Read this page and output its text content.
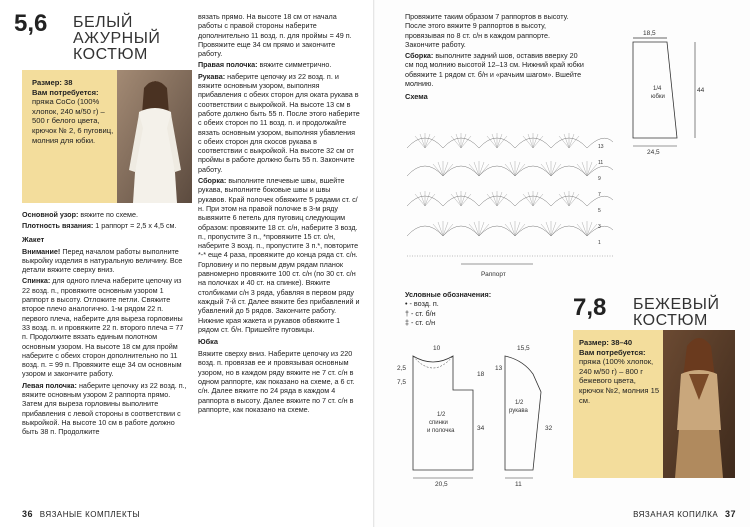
5,6 БЕЛЫЙ
АЖУРНЫЙ
КОСТЮМ
Размер: 38
Вам потребуется:
пряжа СоСо (100% хлопок, 240 м/50 г) – 500 г белого цвета, крючок № 2, 6 пуговиц, молния для юбки.

Основной узор: вяжите по схеме.

Плотность вязания: 1 раппорт = 2,5 х 4,5 см.

Жакет

Внимание! Перед началом работы выполните выкройку изделия в натуральную величину. Все детали вяжите сверху вниз.

Спинка: для одного плеча наберите цепочку из 22 возд. п., провяжите основным узором 1 раппорт в высоту. Отложите петли. Свяжите второе плечо аналогично. 1-м рядом 22 п. первого плеча, наберите для выреза горловины 33 возд. п. и провяжите 22 п. второго плеча = 77 п. Продолжите вязать единым полотном основным узором. На высоте 18 см для пройм наберите с обеих сторон дополнительно по 11 возд. п. = 99 п. Провяжите еще 34 см основным узором и закончите работу.

Левая полочка: наберите цепочку из 22 возд. п., вяжите основным узором 2 раппорта прямо. Затем для выреза горловины выполните прибавления с левой стороны в соответствии с выкройкой. На высоте 10 см в работе должно быть 38 п. Продолжите

вязать прямо. На высоте 18 см от начала работы с правой стороны наберите дополнительно 11 возд. п. для проймы = 49 п. Провяжите еще 34 см прямо и закончите работу.

Правая полочка: вяжите симметрично.

Рукава: наберите цепочку из 22 возд. п. и вяжите основным узором, выполняя прибавления с обеих сторон для оката рукава в соответствии с выкройкой. На высоте 13 см в работе должно быть 55 п. После этого наберите с обеих сторон по 11 возд. п. и продолжайте вязать основным узором, выполняя убавления с обеих сторон для скосов рукава в соответствии с выкройкой. На высоте 32 см от проймы в работе должно быть 55 п. Закончите работу.

Сборка: выполните плечевые швы, вшейте рукава, выполните боковые швы и швы рукавов. Край полочек обвяжите 5 рядами ст. с/н. При этом на правой полочке в 3-м ряду вывяжите 6 петель для пуговиц следующим образом: провяжите 18 ст. с/н, наберите 3 возд. п., пропустите 3 п., *провяжите 15 ст. с/н, наберите 3 возд. п., пропустите 3 п.*, повторите *-* еще 4 раза, провяжите до конца ряда ст. с/н. Горловину и по первым двум рядам планок равномерно провяжите 100 ст. с/н (по 30 ст. с/н на полочках и 40 ст. на спинке). Вяжите столбиками с/н 3 ряда, убавляя в первом ряду каждый 7-й ст. Далее вяжите без прибавлений и убавлений до 5 рядов. Закончите работу. Нижние края жакета и рукавов обвяжите 1 рядом ст. б/н. Пришейте пуговицы.

Юбка

Вяжите сверху вниз. Наберите цепочку из 220 возд. п. провязав ее и провязывая основным узором, но в каждом ряду вяжите не 7 ст. с/н в одном раппорте, как показано на схеме, а 6 ст. с/н. Далее вяжите по 24 ряда в каждом 4 раппорта в высоту. Далее вяжите по 7 ст. с/н в раппорте, как показано на схеме.

36 ВЯЗАНЫЕ КОМПЛЕКТЫ

Провяжите таким образом 7 раппортов в высоту. После этого вяжите 9 раппортов в высоту, провязывая по 8 ст. с/н в каждом раппорте. Закончите работу.

Сборка: выполните задний шов, оставив вверху 20 см под молнию высотой 12–13 см. Нижний край юбки обвяжите 1 рядом ст. б/н и «рачьим шагом». Вшейте молнию.

Схема
18,5
44
1/4
юбки
24,5
13
11
9
7
5
3
1
Раппорт
Условные обозначения:
• - возд. п.
† - ст. б/н
‡ - ст. с/н
7,8 БЕЖЕВЫЙ
КОСТЮМ
10
2,5
7,5
18
34
1/2
спинки
и полочка
20,5
15,5
13
32
1/2
рукава
11
Размер: 38–40
Вам потребуется:
пряжа (100% хлопок, 240 м/50 г) – 800 г бежевого цвета, крючок №2, молния 15 см.
ВЯЗАНАЯ КОПИЛКА 37
